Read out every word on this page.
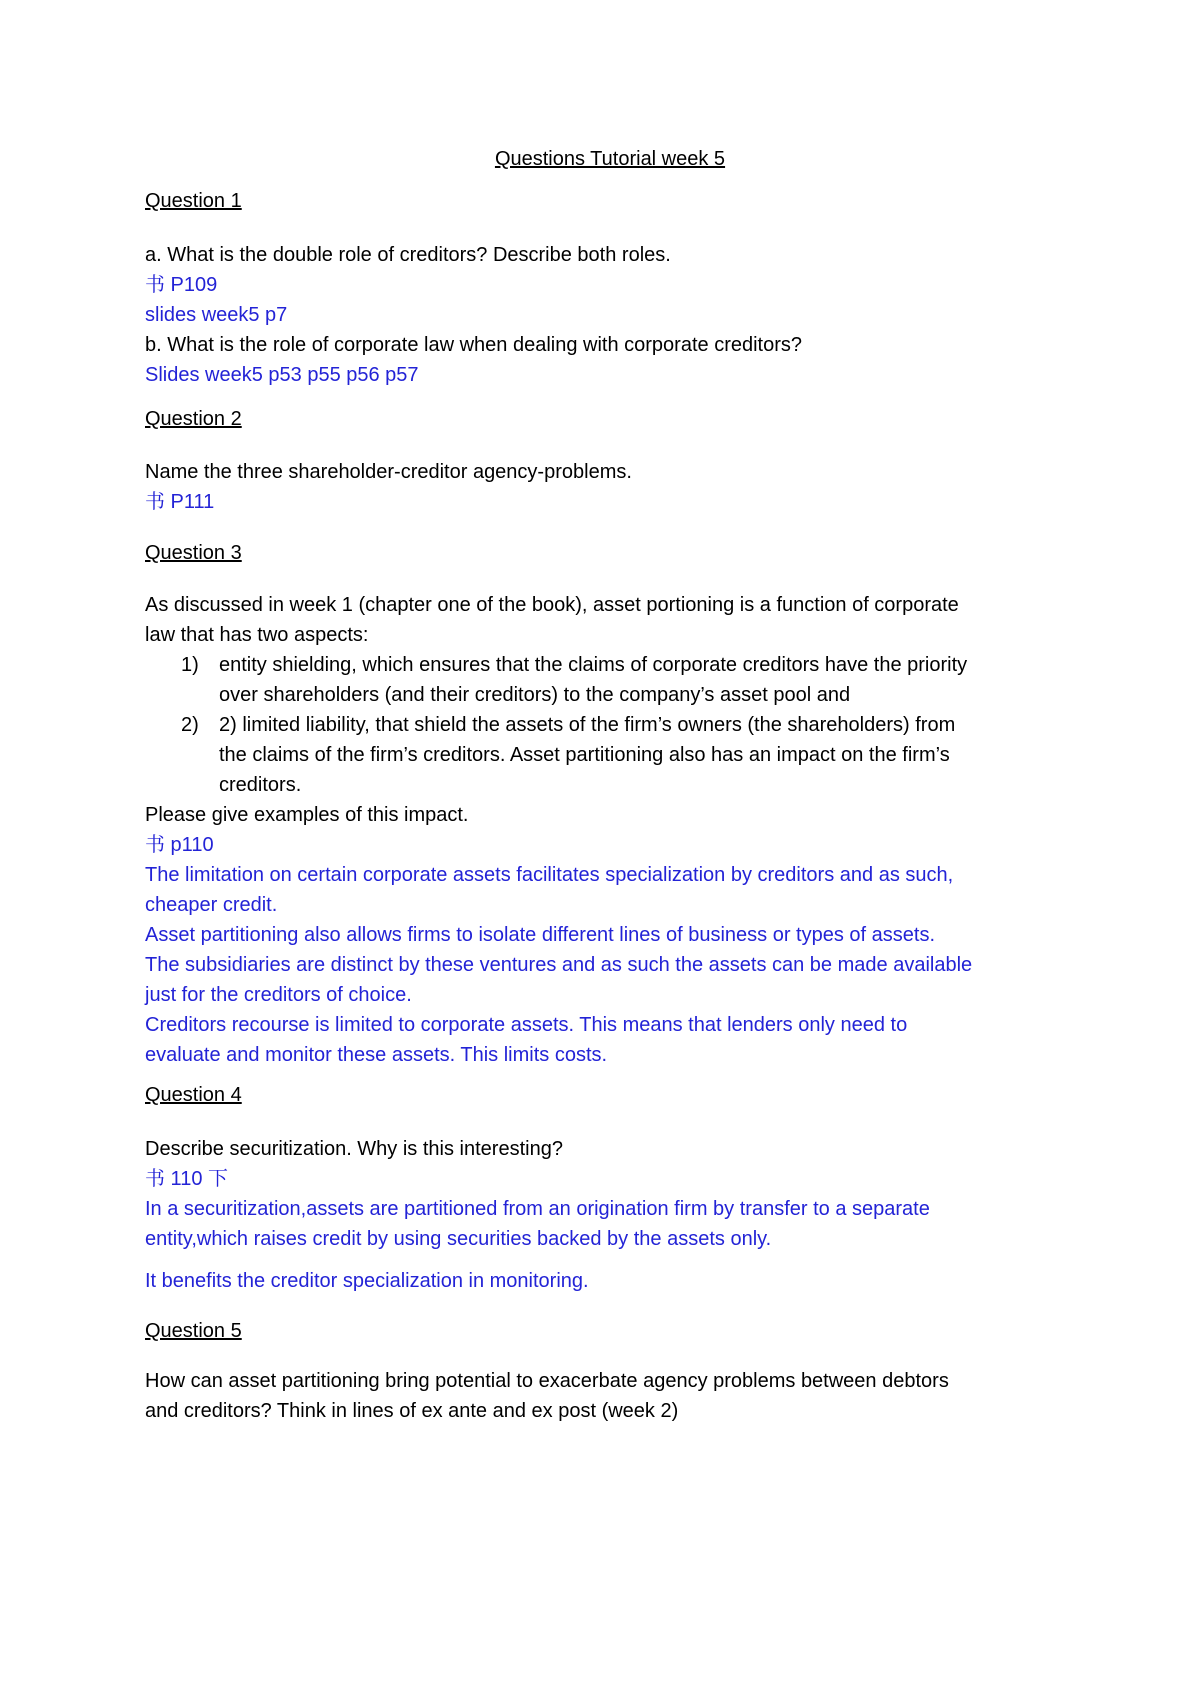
Questions Tutorial week 5
Question 1
a. What is the double role of creditors? Describe both roles.
书 P109
slides week5 p7
b. What is the role of corporate law when dealing with corporate creditors?
Slides week5 p53 p55 p56 p57
Question 2
Name the three shareholder-creditor agency-problems.
书 P111
Question 3
As discussed in week 1 (chapter one of the book), asset portioning is a function of corporate
law that has two aspects:
1) entity shielding, which ensures that the claims of corporate creditors have the priority
over shareholders (and their creditors) to the company’s asset pool and
2) 2) limited liability, that shield the assets of the firm’s owners (the shareholders) from
the claims of the firm’s creditors. Asset partitioning also has an impact on the firm’s
creditors.
Please give examples of this impact.
书 p110
The limitation on certain corporate assets facilitates specialization by creditors and as such,
cheaper credit.
Asset partitioning also allows firms to isolate different lines of business or types of assets.
The subsidiaries are distinct by these ventures and as such the assets can be made available
just for the creditors of choice.
Creditors recourse is limited to corporate assets. This means that lenders only need to
evaluate and monitor these assets. This limits costs.
Question 4
Describe securitization. Why is this interesting?
书 110 下
In a securitization,assets are partitioned from an origination firm by transfer to a separate
entity,which raises credit by using securities backed by the assets only.
It benefits the creditor specialization in monitoring.
Question 5
How can asset partitioning bring potential to exacerbate agency problems between debtors
and creditors? Think in lines of ex ante and ex post (week 2)
